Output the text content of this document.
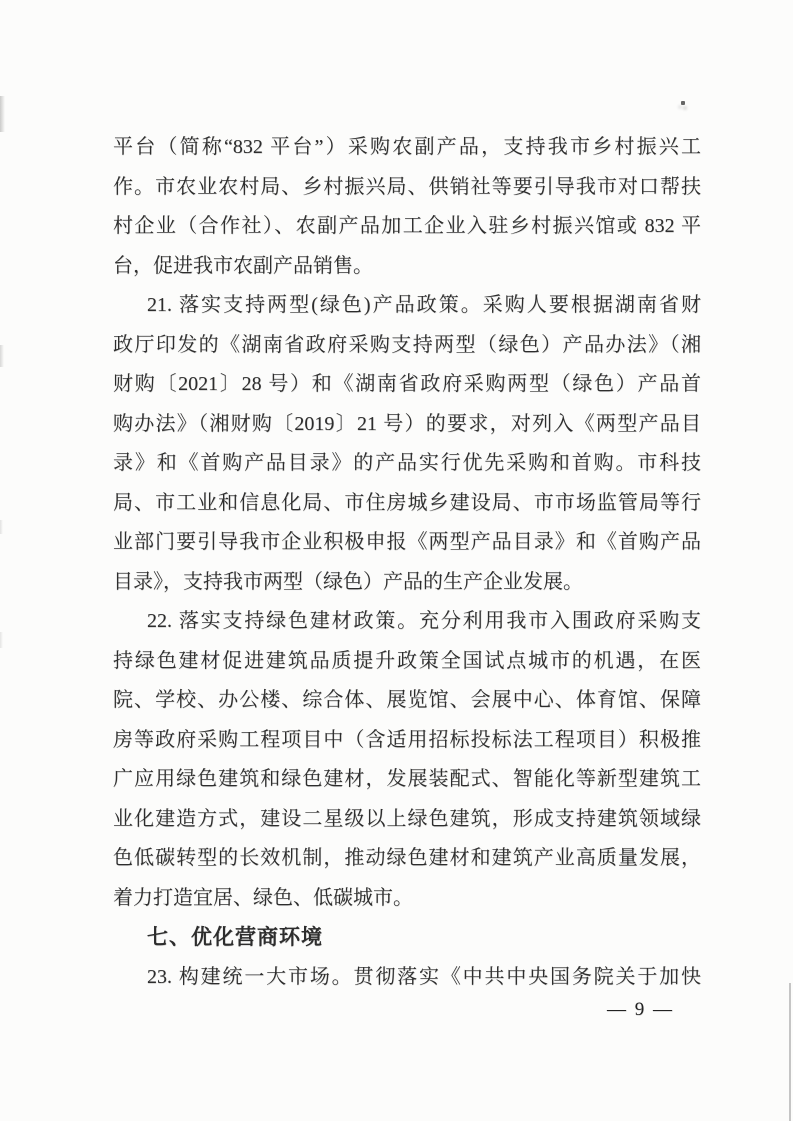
平台（简称“832 平台”）采购农副产品，支持我市乡村振兴工
作。市农业农村局、乡村振兴局、供销社等要引导我市对口帮扶
村企业（合作社）、农副产品加工企业入驻乡村振兴馆或 832 平
台，促进我市农副产品销售。
21. 落实支持两型(绿色)产品政策。采购人要根据湖南省财
政厅印发的《湖南省政府采购支持两型（绿色）产品办法》（湘
财购〔2021〕28 号）和《湖南省政府采购两型（绿色）产品首
购办法》（湘财购〔2019〕21 号）的要求，对列入《两型产品目
录》和《首购产品目录》的产品实行优先采购和首购。市科技
局、市工业和信息化局、市住房城乡建设局、市市场监管局等行
业部门要引导我市企业积极申报《两型产品目录》和《首购产品
目录》，支持我市两型（绿色）产品的生产企业发展。
22. 落实支持绿色建材政策。充分利用我市入围政府采购支
持绿色建材促进建筑品质提升政策全国试点城市的机遇，在医
院、学校、办公楼、综合体、展览馆、会展中心、体育馆、保障
房等政府采购工程项目中（含适用招标投标法工程项目）积极推
广应用绿色建筑和绿色建材，发展装配式、智能化等新型建筑工
业化建造方式，建设二星级以上绿色建筑，形成支持建筑领域绿
色低碳转型的长效机制，推动绿色建材和建筑产业高质量发展，
着力打造宜居、绿色、低碳城市。
七、优化营商环境
23. 构建统一大市场。贯彻落实《中共中央国务院关于加快
— 9 —
